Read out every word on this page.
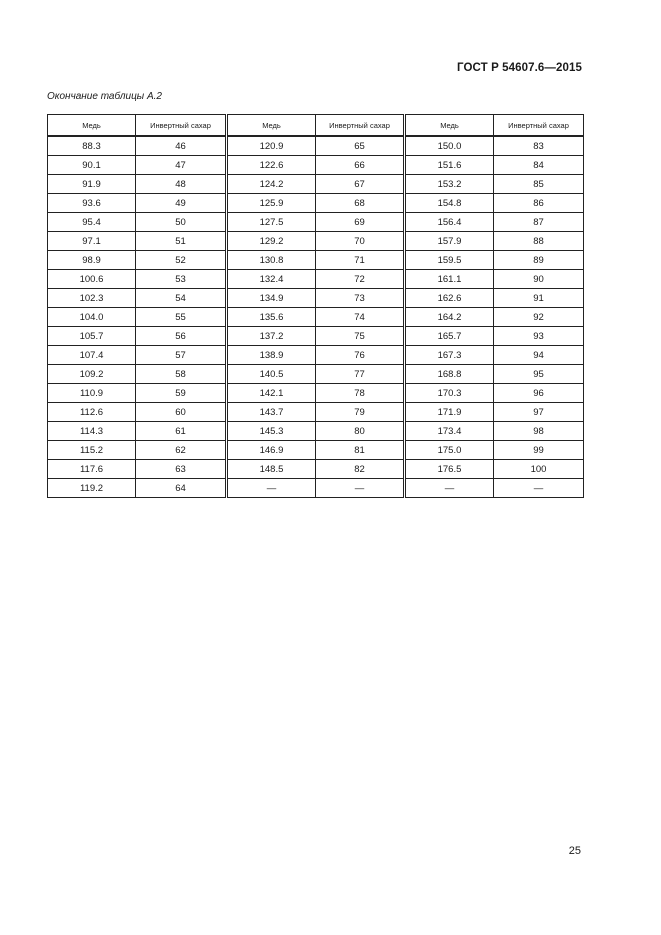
ГОСТ Р 54607.6—2015
Окончание таблицы А.2
Медь	Инвертный сахар	Медь	Инвертный сахар	Медь	Инвертный сахар
88.3	46	120.9	65	150.0	83
90.1	47	122.6	66	151.6	84
91.9	48	124.2	67	153.2	85
93.6	49	125.9	68	154.8	86
95.4	50	127.5	69	156.4	87
97.1	51	129.2	70	157.9	88
98.9	52	130.8	71	159.5	89
100.6	53	132.4	72	161.1	90
102.3	54	134.9	73	162.6	91
104.0	55	135.6	74	164.2	92
105.7	56	137.2	75	165.7	93
107.4	57	138.9	76	167.3	94
109.2	58	140.5	77	168.8	95
110.9	59	142.1	78	170.3	96
112.6	60	143.7	79	171.9	97
114.3	61	145.3	80	173.4	98
115.2	62	146.9	81	175.0	99
117.6	63	148.5	82	176.5	100
119.2	64	—	—	—	—
25
